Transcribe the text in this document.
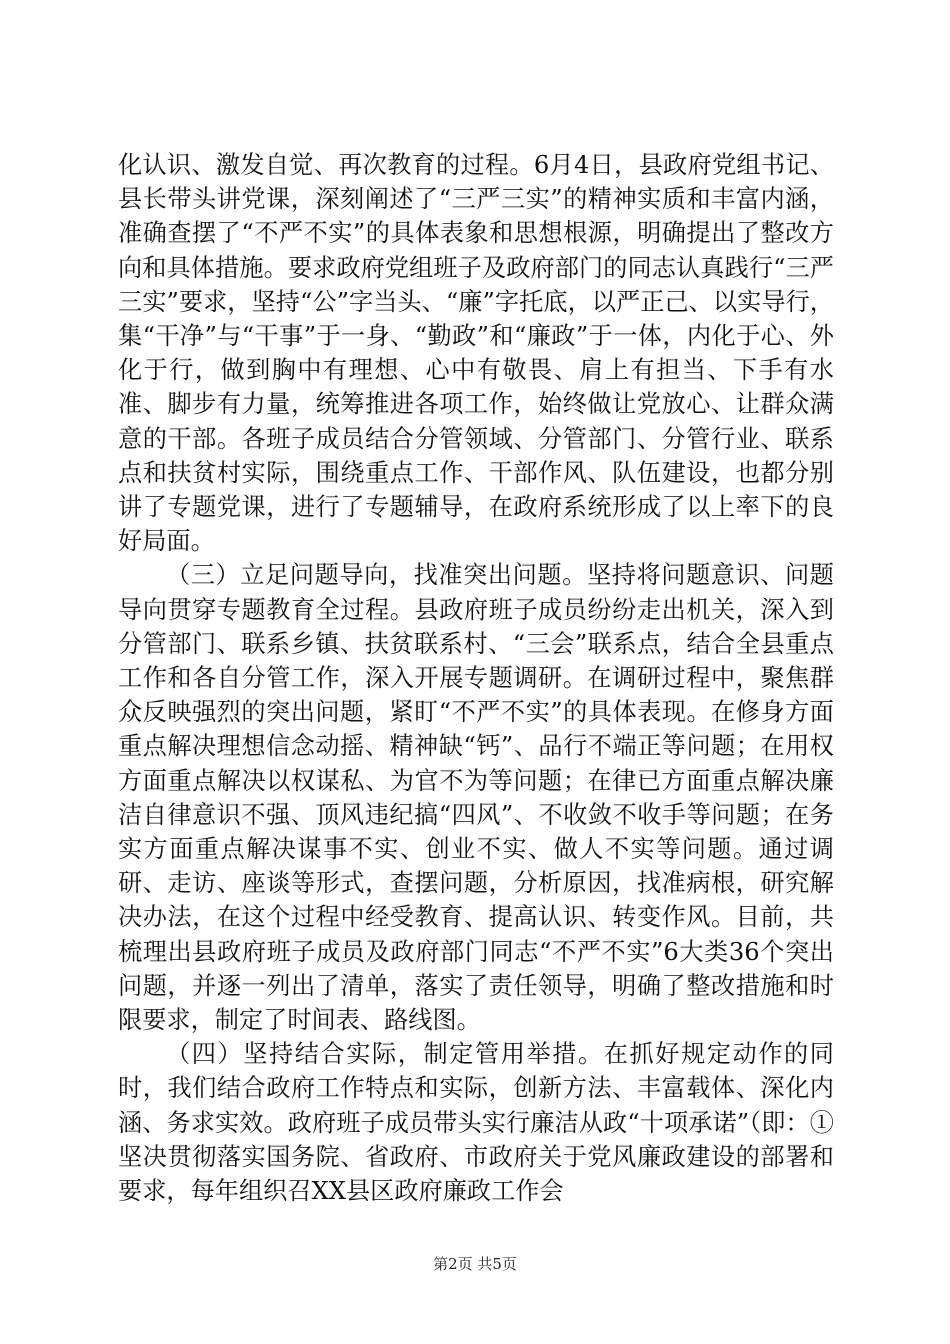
化认识、激发自觉、再次教育的过程。6月4日，县政府党组书记、县长带头讲党课，深刻阐述了“三严三实”的精神实质和丰富内涵，准确查摆了“不严不实”的具体表象和思想根源，明确提出了整改方向和具体措施。要求政府党组班子及政府部门的同志认真践行“三严三实”要求，坚持“公”字当头、“廉”字托底，以严正己、以实导行，集“干净”与“干事”于一身、“勤政”和“廉政”于一体，内化于心、外化于行，做到胸中有理想、心中有敬畏、肩上有担当、下手有水准、脚步有力量，统筹推进各项工作，始终做让党放心、让群众满意的干部。各班子成员结合分管领域、分管部门、分管行业、联系点和扶贫村实际，围绕重点工作、干部作风、队伍建设，也都分别讲了专题党课，进行了专题辅导，在政府系统形成了以上率下的良好局面。

（三）立足问题导向，找准突出问题。坚持将问题意识、问题导向贯穿专题教育全过程。县政府班子成员纷纷走出机关，深入到分管部门、联系乡镇、扶贫联系村、“三会”联系点，结合全县重点工作和各自分管工作，深入开展专题调研。在调研过程中，聚焦群众反映强烈的突出问题，紧盯“不严不实”的具体表现。在修身方面重点解决理想信念动摇、精神缺“钙”、品行不端正等问题；在用权方面重点解决以权谋私、为官不为等问题；在律已方面重点解决廉洁自律意识不强、顶风违纪搞“四风”、不收敛不收手等问题；在务实方面重点解决谋事不实、创业不实、做人不实等问题。通过调研、走访、座谈等形式，查摆问题，分析原因，找准病根，研究解决办法，在这个过程中经受教育、提高认识、转变作风。目前，共梳理出县政府班子成员及政府部门同志“不严不实”6大类36个突出问题，并逐一列出了清单，落实了责任领导，明确了整改措施和时限要求，制定了时间表、路线图。

（四）坚持结合实际，制定管用举措。在抓好规定动作的同时，我们结合政府工作特点和实际，创新方法、丰富载体、深化内涵、务求实效。政府班子成员带头实行廉洁从政“十项承诺”（即：①坚决贯彻落实国务院、省政府、市政府关于党风廉政建设的部署和要求，每年组织召XX县区政府廉政工作会

第2页 共5页
